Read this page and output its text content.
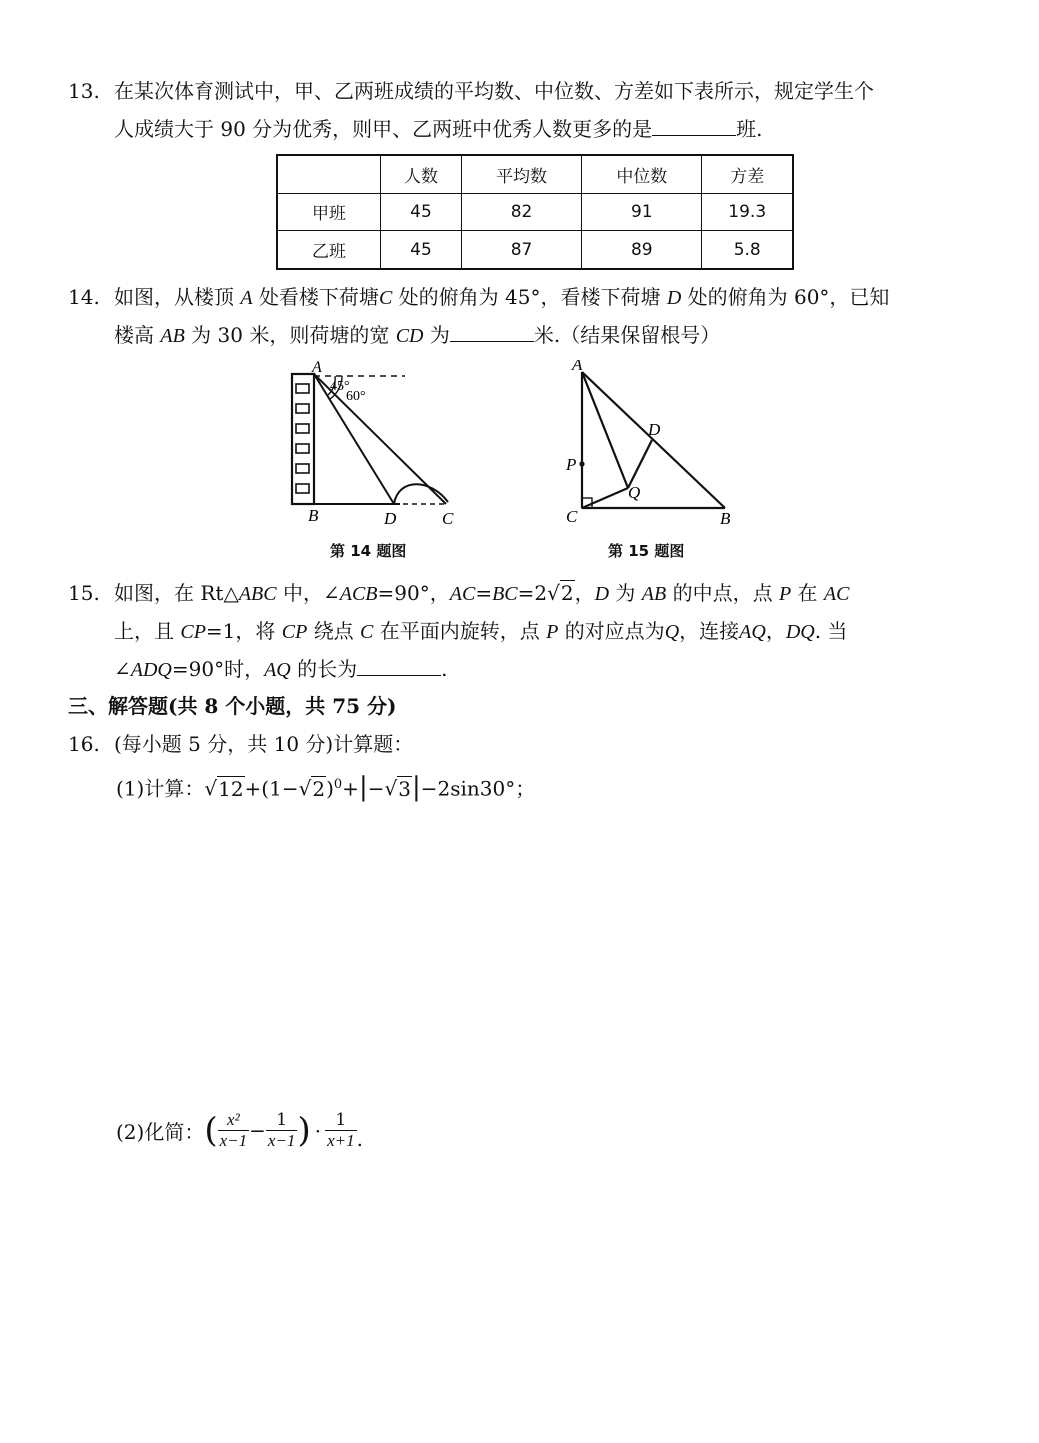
13. 在某次体育测试中，甲、乙两班成绩的平均数、中位数、方差如下表所示，规定学生个
人成绩大于 90 分为优秀，则甲、乙两班中优秀人数更多的是	班.
	人数	平均数	中位数	方差
甲班	45	82	91	19.3
乙班	45	87	89	5.8
14. 如图，从楼顶 A 处看楼下荷塘C 处的俯角为 45°，看楼下荷塘 D 处的俯角为 60°，已知
楼高 AB 为 30 米，则荷塘的宽 CD 为	米.（结果保留根号）
A
45°
60°
B	D	C
第 14 题图
A
D
P
Q
C	B
第 15 题图
15. 如图，在 Rt△ABC 中，∠ACB=90°，AC=BC=2√2，D 为 AB 的中点，点 P 在 AC
上，且 CP=1，将 CP 绕点 C 在平面内旋转，点 P 的对应点为Q，连接AQ，DQ. 当
∠ADQ=90°时，AQ 的长为	.
三、解答题(共 8 个小题，共 75 分)
16. (每小题 5 分，共 10 分)计算题：
(1)计算：$√12+(1-√2)^0+|-√3|-2\sin 30^\circ$；
(2)化简：( $\frac{\text{x²}}{x-1} - \frac{1}{x-1}$ ) · $\frac{1}{x+1}$ .
